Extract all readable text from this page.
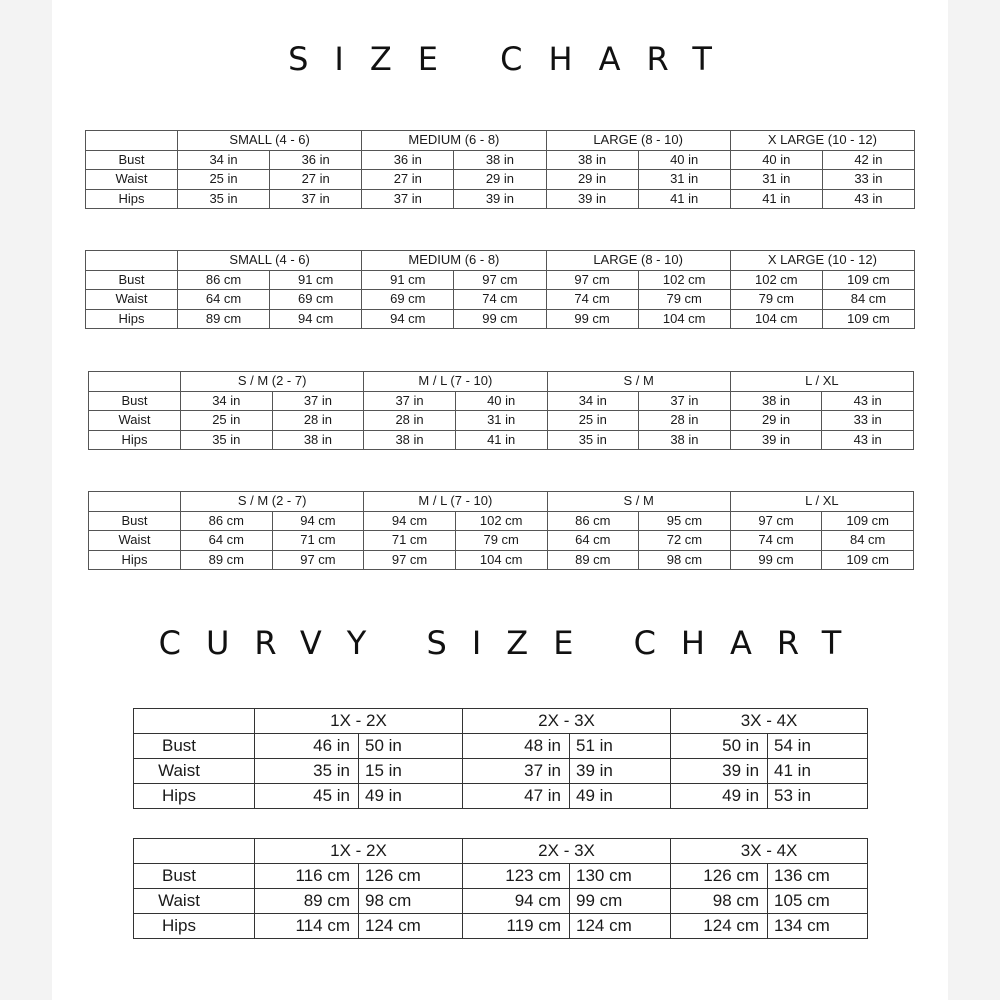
SIZE CHART
	SMALL (4 - 6)		MEDIUM (6 - 8)		LARGE (8 - 10)		X LARGE (10 - 12)	
Bust	34 in	36 in	36 in	38 in	38 in	40 in	40 in	42 in
Waist	25 in	27 in	27 in	29 in	29 in	31 in	31 in	33 in
Hips	35 in	37 in	37 in	39 in	39 in	41 in	41 in	43 in
	SMALL (4 - 6)		MEDIUM (6 - 8)		LARGE (8 - 10)		X LARGE (10 - 12)	
Bust	86 cm	91 cm	91 cm	97 cm	97 cm	102 cm	102 cm	109 cm
Waist	64 cm	69 cm	69 cm	74 cm	74 cm	79 cm	79 cm	84 cm
Hips	89 cm	94 cm	94 cm	99 cm	99 cm	104 cm	104 cm	109 cm
	S / M (2 - 7)		M / L (7 - 10)		S / M		L / XL	
Bust	34 in	37 in	37 in	40 in	34 in	37 in	38 in	43 in
Waist	25 in	28 in	28 in	31 in	25 in	28 in	29 in	33 in
Hips	35 in	38 in	38 in	41 in	35 in	38 in	39 in	43 in
	S / M (2 - 7)		M / L (7 - 10)		S / M		L / XL	
Bust	86 cm	94 cm	94 cm	102 cm	86 cm	95 cm	97 cm	109 cm
Waist	64 cm	71 cm	71 cm	79 cm	64 cm	72 cm	74 cm	84 cm
Hips	89 cm	97 cm	97 cm	104 cm	89 cm	98 cm	99 cm	109 cm
CURVY SIZE CHART
	1X - 2X		2X - 3X		3X - 4X	
Bust	46 in	50 in	48 in	51 in	50 in	54 in
Waist	35 in	15 in	37 in	39 in	39 in	41 in
Hips	45 in	49 in	47 in	49 in	49 in	53 in
	1X - 2X		2X - 3X		3X - 4X	
Bust	116 cm	126 cm	123 cm	130 cm	126 cm	136 cm
Waist	89 cm	98 cm	94 cm	99 cm	98 cm	105 cm
Hips	114 cm	124 cm	119 cm	124 cm	124 cm	134 cm
